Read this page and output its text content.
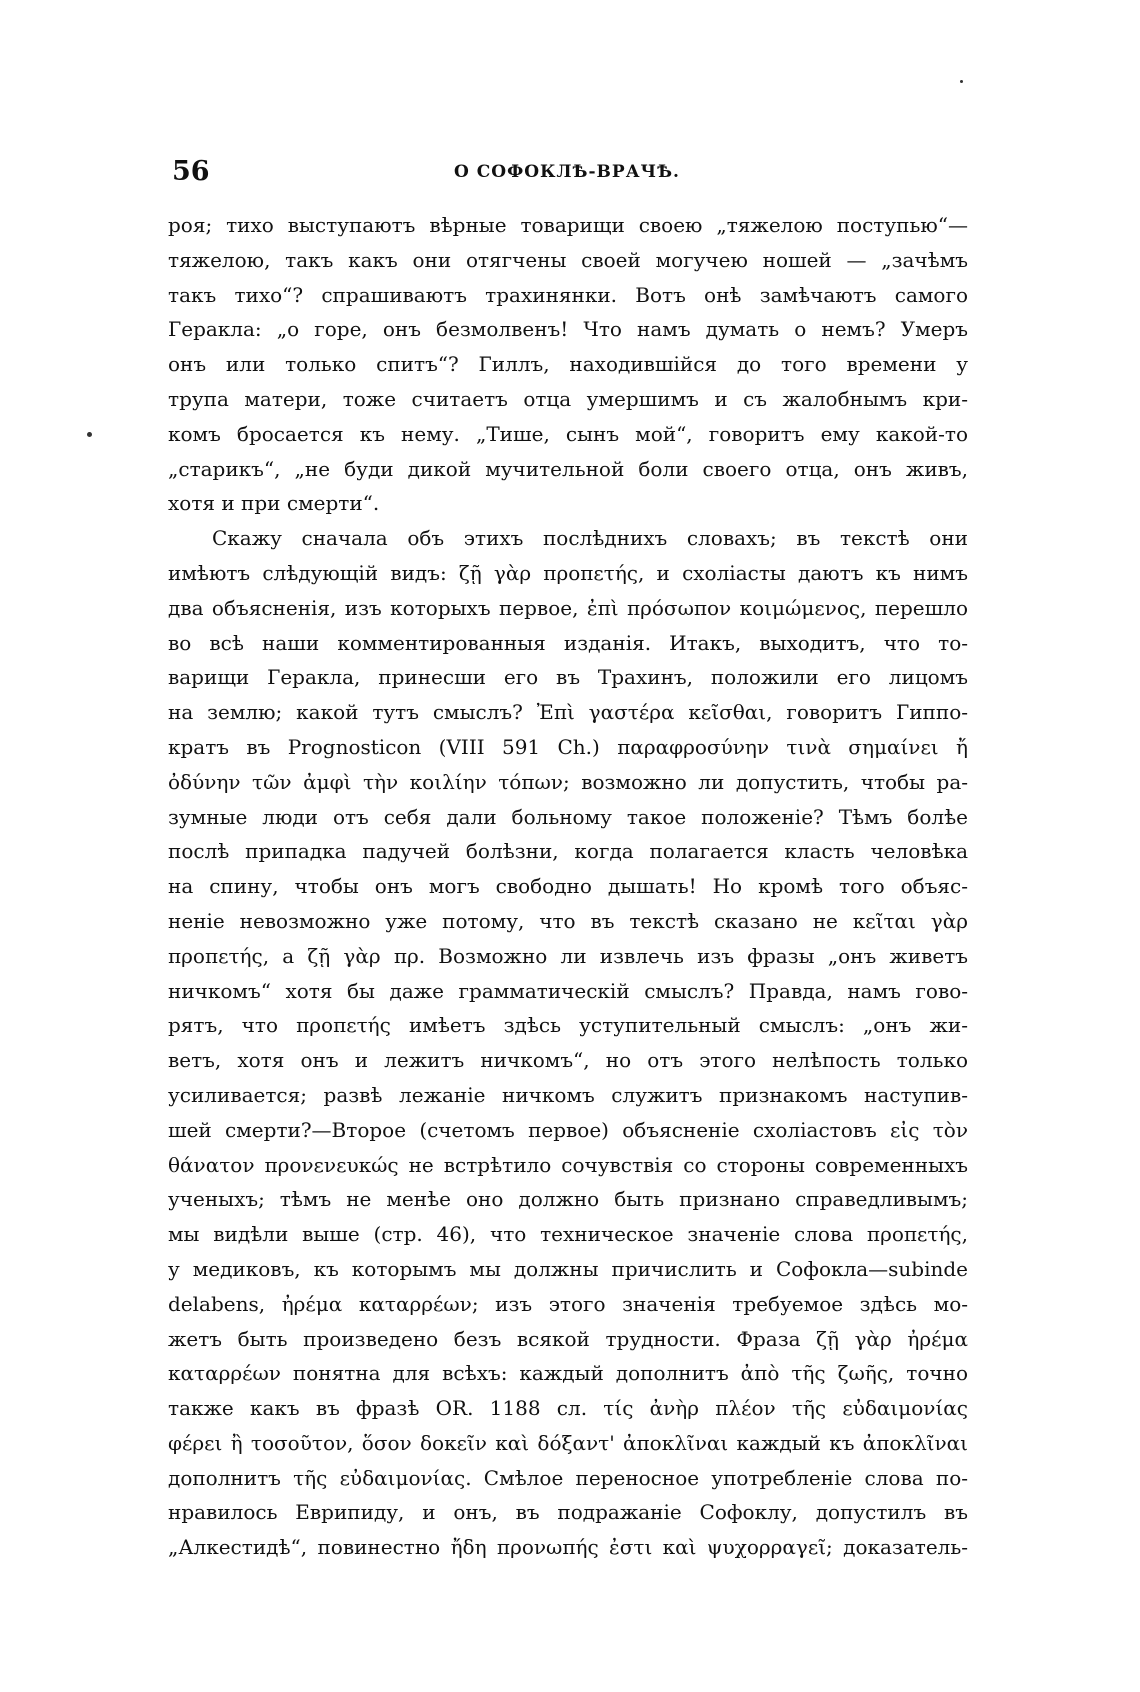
56	О СОФОКЛѢ-ВРАЧѢ.
роя; тихо выступаютъ вѣрные товарищи своею „тяжелою поступью“—
тяжелою, такъ какъ они отягчены своей могучею ношей — „зачѣмъ
такъ тихо“? спрашиваютъ трахинянки. Вотъ онѣ замѣчаютъ самого
Геракла: „о горе, онъ безмолвенъ! Что намъ думать о немъ? Умеръ
онъ или только спитъ“? Гиллъ, находившійся до того времени у
трупа матери, тоже считаетъ отца умершимъ и съ жалобнымъ кри-
комъ бросается къ нему. „Тише, сынъ мой“, говоритъ ему какой-то
„старикъ“, „не буди дикой мучительной боли своего отца, онъ живъ,
хотя и при смерти“.
Скажу сначала объ этихъ послѣднихъ словахъ; въ текстѣ они
имѣютъ слѣдующій видъ: ζῇ γὰρ προπετής, и схоліасты даютъ къ нимъ
два объясненія, изъ которыхъ первое, ἐπὶ πρόσωπον κοιμώμενος, перешло
во всѣ наши комментированныя изданія. Итакъ, выходитъ, что то-
варищи Геракла, принесши его въ Трахинъ, положили его лицомъ
на землю; какой тутъ смыслъ? Ἐπὶ γαστέρα κεῖσθαι, говоритъ Гиппо-
кратъ въ Prognosticon (VIII 591 Ch.) παραφροσύνην τινὰ σημαίνει ἤ
ὀδύνην τῶν ἀμφὶ τὴν κοιλίην τόπων; возможно ли допустить, чтобы ра-
зумные люди отъ себя дали больному такое положеніе? Тѣмъ болѣе
послѣ припадка падучей болѣзни, когда полагается класть человѣка
на спину, чтобы онъ могъ свободно дышать! Но кромѣ того объяс-
неніе невозможно уже потому, что въ текстѣ сказано не κεῖται γὰρ
προπετής, а ζῇ γὰρ πρ. Возможно ли извлечь изъ фразы „онъ живетъ
ничкомъ“ хотя бы даже грамматическій смыслъ? Правда, намъ гово-
рятъ, что προπετής имѣетъ здѣсь уступительный смыслъ: „онъ жи-
ветъ, хотя онъ и лежитъ ничкомъ“, но отъ этого нелѣпость только
усиливается; развѣ лежаніе ничкомъ служитъ признакомъ наступив-
шей смерти?—Второе (счетомъ первое) объясненіе схоліастовъ εἰς τὸν
θάνατον προνενευκώς не встрѣтило сочувствія со стороны современныхъ
ученыхъ; тѣмъ не менѣе оно должно быть признано справедливымъ;
мы видѣли выше (стр. 46), что техническое значеніе слова προπετής,
у медиковъ, къ которымъ мы должны причислить и Софокла—subinde
delabens, ἠρέμα καταρρέων; изъ этого значенія требуемое здѣсь мо-
жетъ быть произведено безъ всякой трудности. Фраза ζῇ γὰρ ἠρέμα
καταρρέων понятна для всѣхъ: каждый дополнитъ ἀπὸ τῆς ζωῆς, точно
также какъ въ фразѣ OR. 1188 сл. τίς ἀνὴρ πλέον τῆς εὐδαιμονίας
φέρει ἢ τοσοῦτον, ὅσον δοκεῖν καὶ δόξαντ' ἀποκλῖναι каждый къ ἀποκλῖναι
дополнитъ τῆς εὐδαιμονίας. Смѣлое переносное употребленіе слова по-
нравилось Еврипиду, и онъ, въ подражаніе Софоклу, допустилъ въ
„Алкестидѣ“, повинестно ἤδη προνωπής ἐστι καὶ ψυχορραγεῖ; доказатель-
